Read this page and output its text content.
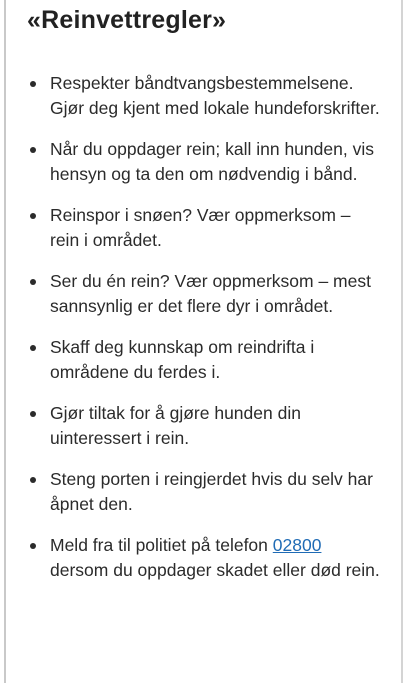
«Reinvettregler»
Respekter båndtvangsbestemmelsene. Gjør deg kjent med lokale hundeforskrifter.
Når du oppdager rein; kall inn hunden, vis hensyn og ta den om nødvendig i bånd.
Reinspor i snøen? Vær oppmerksom – rein i området.
Ser du én rein? Vær oppmerksom – mest sannsynlig er det flere dyr i området.
Skaff deg kunnskap om reindrifta i områdene du ferdes i.
Gjør tiltak for å gjøre hunden din uinteressert i rein.
Steng porten i reingjerdet hvis du selv har åpnet den.
Meld fra til politiet på telefon 02800 dersom du oppdager skadet eller død rein.
